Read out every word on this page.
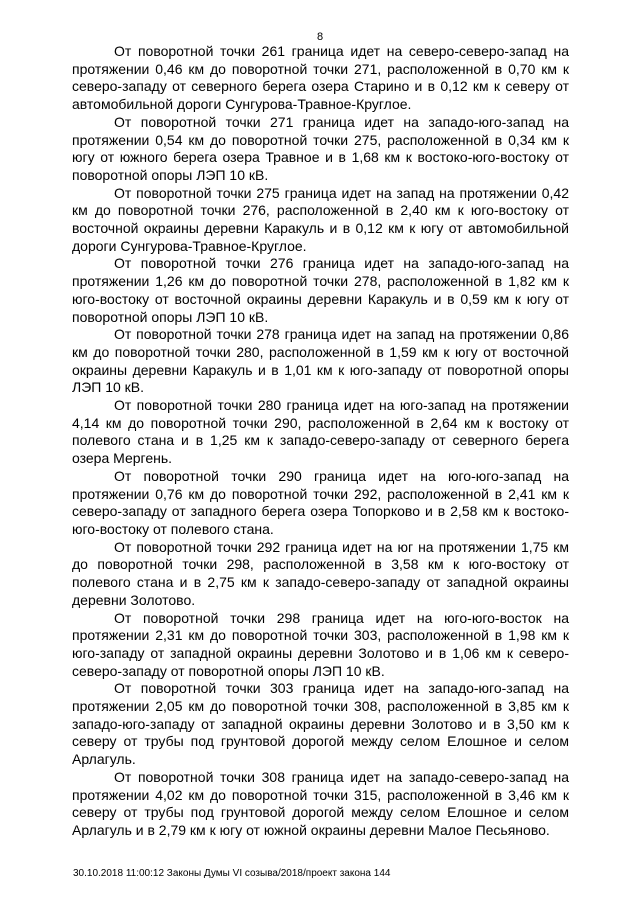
8

От поворотной точки 261 граница идет на северо-северо-запад на протяжении 0,46 км до поворотной точки 271, расположенной в 0,70 км к северо-западу от северного берега озера Старино и в 0,12 км к северу от автомобильной дороги Сунгурова-Травное-Круглое.

От поворотной точки 271 граница идет на западо-юго-запад на протяжении 0,54 км до поворотной точки 275, расположенной в 0,34 км к югу от южного берега озера Травное и в 1,68 км к востоко-юго-востоку от поворотной опоры ЛЭП 10 кВ.

От поворотной точки 275 граница идет на запад на протяжении 0,42 км до поворотной точки 276, расположенной в 2,40 км к юго-востоку от восточной окраины деревни Каракуль и в 0,12 км к югу от автомобильной дороги Сунгурова-Травное-Круглое.

От поворотной точки 276 граница идет на западо-юго-запад на протяжении 1,26 км до поворотной точки 278, расположенной в 1,82 км к юго-востоку от восточной окраины деревни Каракуль и в 0,59 км к югу от поворотной опоры ЛЭП 10 кВ.

От поворотной точки 278 граница идет на запад на протяжении 0,86 км до поворотной точки 280, расположенной в 1,59 км к югу от восточной окраины деревни Каракуль и в 1,01 км к юго-западу от поворотной опоры ЛЭП 10 кВ.

От поворотной точки 280 граница идет на юго-запад на протяжении 4,14 км до поворотной точки 290, расположенной в 2,64 км к востоку от полевого стана и в 1,25 км к западо-северо-западу от северного берега озера Мергень.

От поворотной точки 290 граница идет на юго-юго-запад на протяжении 0,76 км до поворотной точки 292, расположенной в 2,41 км к северо-западу от западного берега озера Топорково и в 2,58 км к востоко-юго-востоку от полевого стана.

От поворотной точки 292 граница идет на юг на протяжении 1,75 км до поворотной точки 298, расположенной в 3,58 км к юго-востоку от полевого стана и в 2,75 км к западо-северо-западу от западной окраины деревни Золотово.

От поворотной точки 298 граница идет на юго-юго-восток на протяжении 2,31 км до поворотной точки 303, расположенной в 1,98 км к юго-западу от западной окраины деревни Золотово и в 1,06 км к северо-северо-западу от поворотной опоры ЛЭП 10 кВ.

От поворотной точки 303 граница идет на западо-юго-запад на протяжении 2,05 км до поворотной точки 308, расположенной в 3,85 км к западо-юго-западу от западной окраины деревни Золотово и в 3,50 км к северу от трубы под грунтовой дорогой между селом Елошное и селом Арлагуль.

От поворотной точки 308 граница идет на западо-северо-запад на протяжении 4,02 км до поворотной точки 315, расположенной в 3,46 км к северу от трубы под грунтовой дорогой между селом Елошное и селом Арлагуль и в 2,79 км к югу от южной окраины деревни Малое Песьяново.

30.10.2018 11:00:12 Законы Думы VI созыва/2018/проект закона 144
